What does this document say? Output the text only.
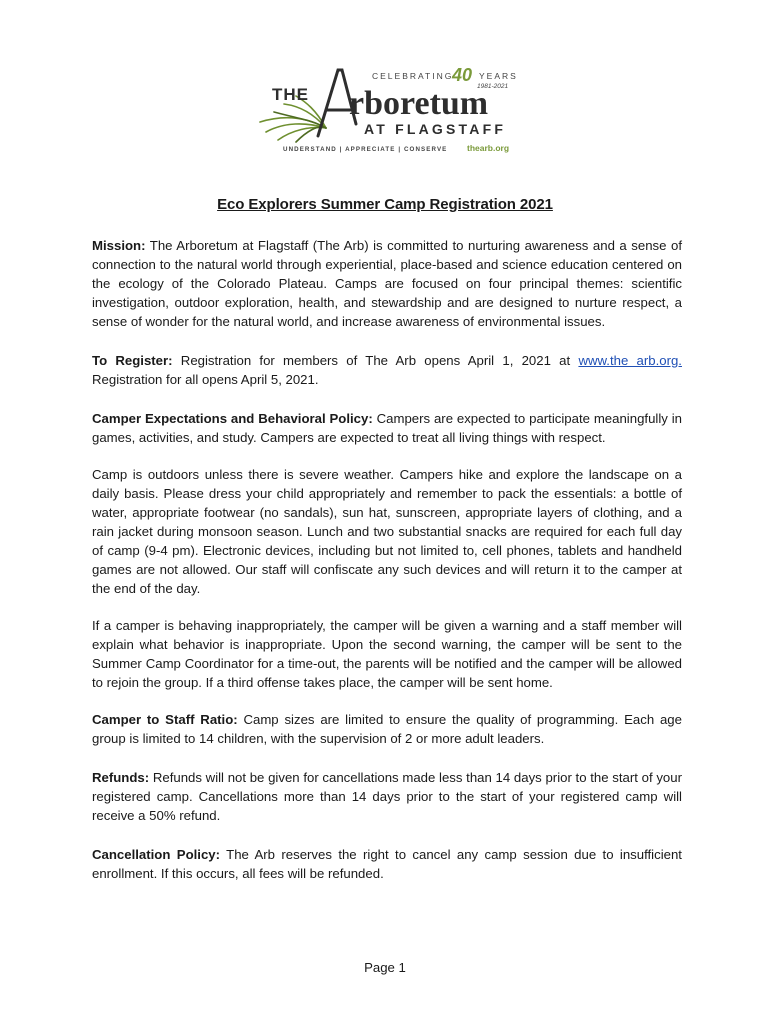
THE rboretum
AT FLAGSTAFF
CELEBRATING
40 YEARS
1981-2021
UNDERSTAND | APPRECIATE | CONSERVE thearb.org
Eco Explorers Summer Camp Registration 2021

Mission: The Arboretum at Flagstaff (The Arb) is committed to nurturing awareness and a sense of connection to the natural world through experiential, place-based and science education centered on the ecology of the Colorado Plateau. Camps are focused on four principal themes: scientific investigation, outdoor exploration, health, and stewardship and are designed to nurture respect, a sense of wonder for the natural world, and increase awareness of environmental issues.

To Register: Registration for members of The Arb opens April 1, 2021 at www.the arb.org. Registration for all opens April 5, 2021.

Camper Expectations and Behavioral Policy: Campers are expected to participate meaningfully in games, activities, and study. Campers are expected to treat all living things with respect.

Camp is outdoors unless there is severe weather. Campers hike and explore the landscape on a daily basis. Please dress your child appropriately and remember to pack the essentials: a bottle of water, appropriate footwear (no sandals), sun hat, sunscreen, appropriate layers of clothing, and a rain jacket during monsoon season. Lunch and two substantial snacks are required for each full day of camp (9-4 pm). Electronic devices, including but not limited to, cell phones, tablets and handheld games are not allowed. Our staff will confiscate any such devices and will return it to the camper at the end of the day.

If a camper is behaving inappropriately, the camper will be given a warning and a staff member will explain what behavior is inappropriate. Upon the second warning, the camper will be sent to the Summer Camp Coordinator for a time-out, the parents will be notified and the camper will be allowed to rejoin the group. If a third offense takes place, the camper will be sent home.

Camper to Staff Ratio: Camp sizes are limited to ensure the quality of programming. Each age group is limited to 14 children, with the supervision of 2 or more adult leaders.

Refunds: Refunds will not be given for cancellations made less than 14 days prior to the start of your registered camp. Cancellations more than 14 days prior to the start of your registered camp will receive a 50% refund.

Cancellation Policy: The Arb reserves the right to cancel any camp session due to insufficient enrollment. If this occurs, all fees will be refunded.

Page 1
